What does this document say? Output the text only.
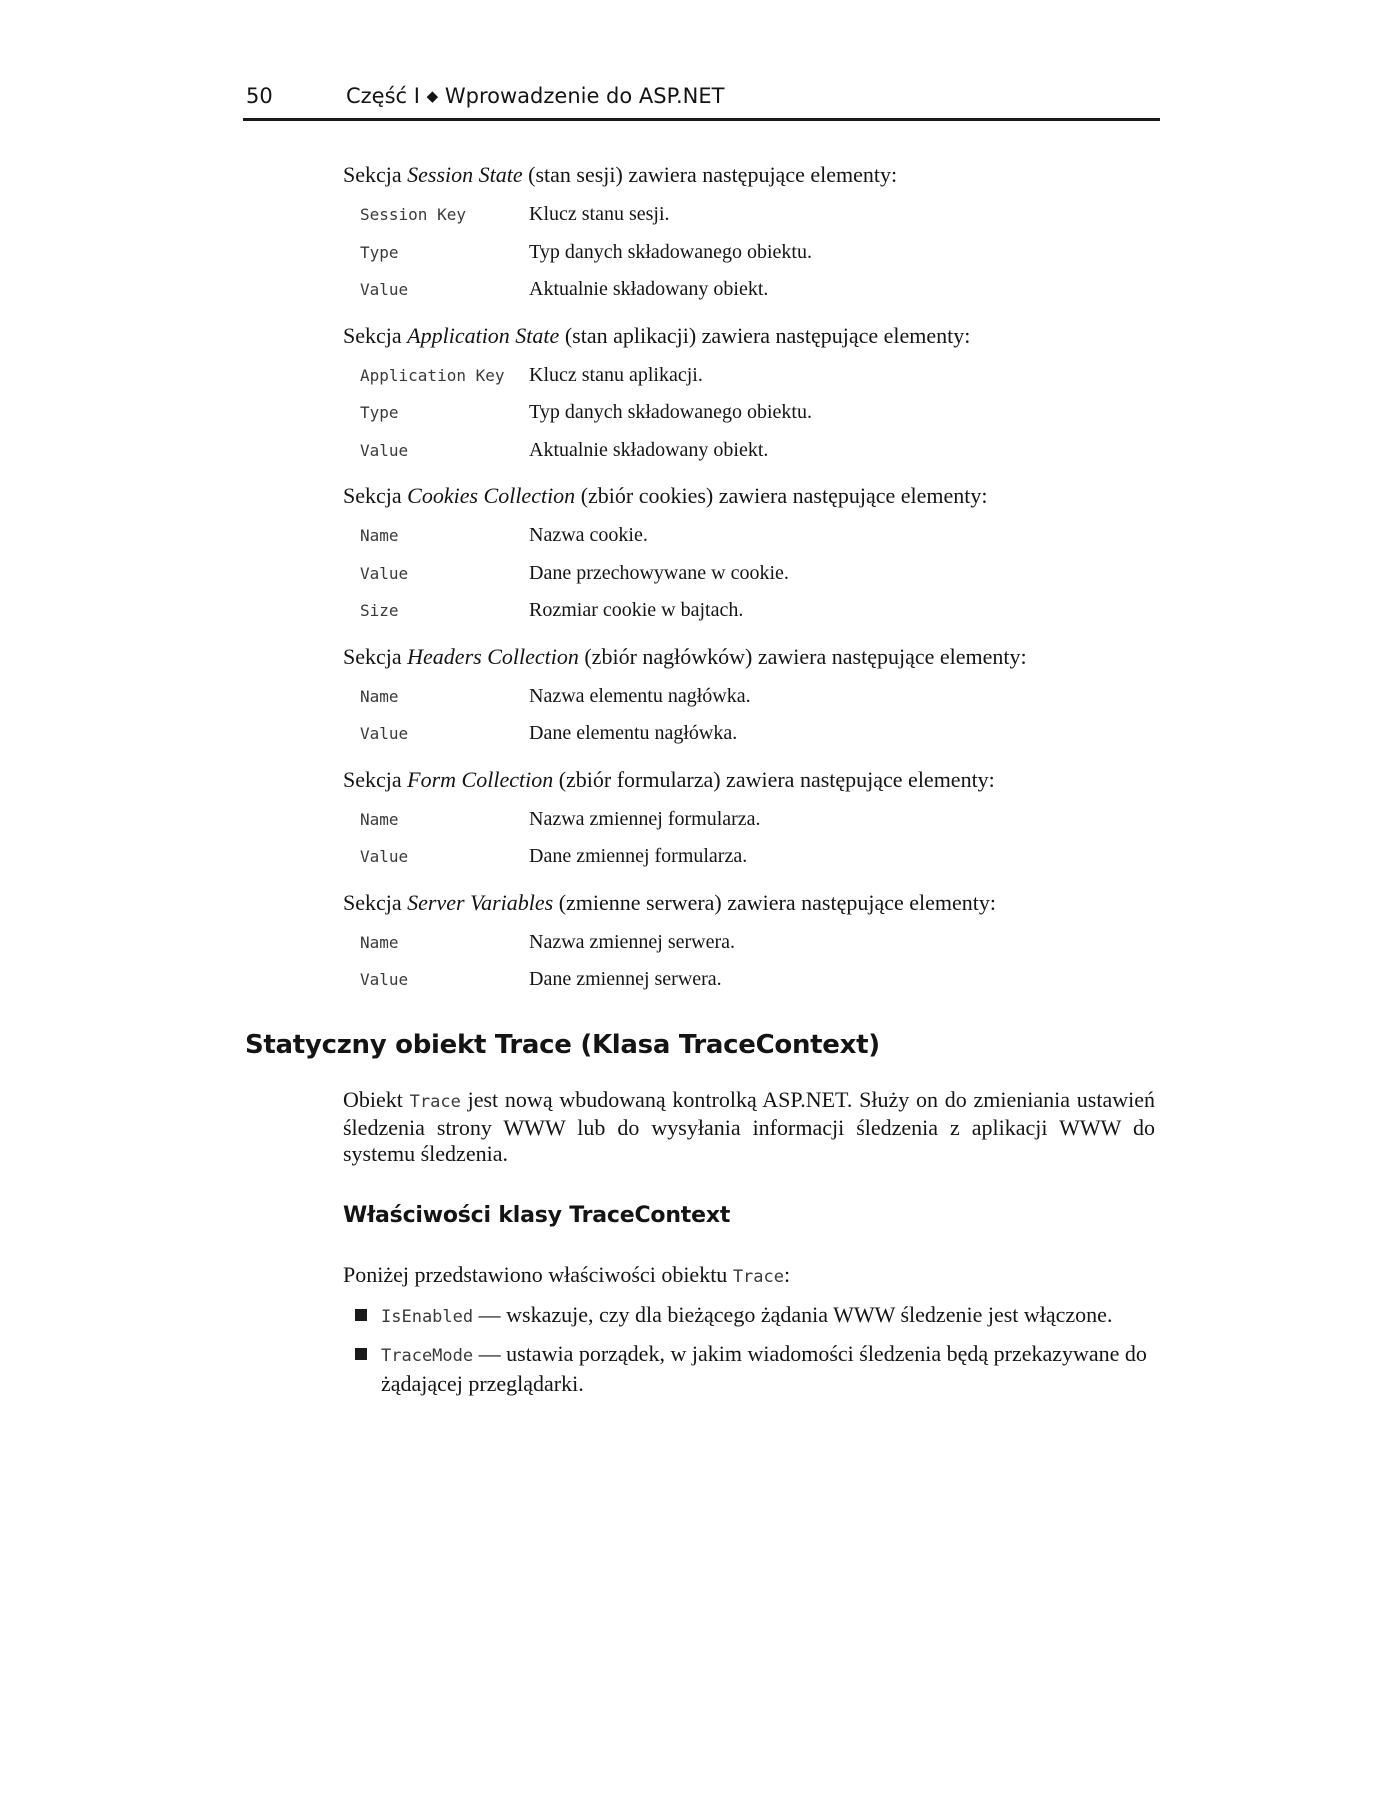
50	Część I ◆ Wprowadzenie do ASP.NET

Sekcja Session State (stan sesji) zawiera następujące elementy:

Session Key	Klucz stanu sesji.
Type	Typ danych składowanego obiektu.
Value	Aktualnie składowany obiekt.

Sekcja Application State (stan aplikacji) zawiera następujące elementy:

Application Key	Klucz stanu aplikacji.
Type	Typ danych składowanego obiektu.
Value	Aktualnie składowany obiekt.

Sekcja Cookies Collection (zbiór cookies) zawiera następujące elementy:

Name	Nazwa cookie.
Value	Dane przechowywane w cookie.
Size	Rozmiar cookie w bajtach.

Sekcja Headers Collection (zbiór nagłówków) zawiera następujące elementy:

Name	Nazwa elementu nagłówka.
Value	Dane elementu nagłówka.

Sekcja Form Collection (zbiór formularza) zawiera następujące elementy:

Name	Nazwa zmiennej formularza.
Value	Dane zmiennej formularza.

Sekcja Server Variables (zmienne serwera) zawiera następujące elementy:

Name	Nazwa zmiennej serwera.
Value	Dane zmiennej serwera.
Statyczny obiekt Trace (Klasa TraceContext)

Obiekt Trace jest nową wbudowaną kontrolką ASP.NET. Służy on do zmieniania ustawień śledzenia strony WWW lub do wysyłania informacji śledzenia z aplikacji WWW do systemu śledzenia.

Właściwości klasy TraceContext

Poniżej przedstawiono właściwości obiektu Trace:

IsEnabled — wskazuje, czy dla bieżącego żądania WWW śledzenie jest włączone.
TraceMode — ustawia porządek, w jakim wiadomości śledzenia będą przekazywane do żądającej przeglądarki.
